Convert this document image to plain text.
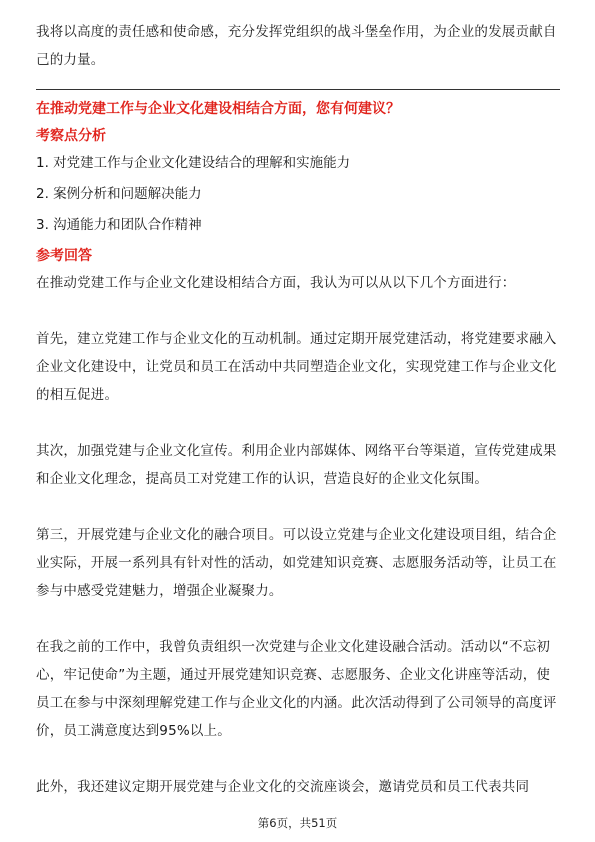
我将以高度的责任感和使命感，充分发挥党组织的战斗堡垒作用，为企业的发展贡献自己的力量。

在推动党建工作与企业文化建设相结合方面，您有何建议？

考察点分析

1. 对党建工作与企业文化建设结合的理解和实施能力
2. 案例分析和问题解决能力
3. 沟通能力和团队合作精神

参考回答

在推动党建工作与企业文化建设相结合方面，我认为可以从以下几个方面进行：

首先，建立党建工作与企业文化的互动机制。通过定期开展党建活动，将党建要求融入企业文化建设中，让党员和员工在活动中共同塑造企业文化，实现党建工作与企业文化的相互促进。

其次，加强党建与企业文化宣传。利用企业内部媒体、网络平台等渠道，宣传党建成果和企业文化理念，提高员工对党建工作的认识，营造良好的企业文化氛围。

第三，开展党建与企业文化的融合项目。可以设立党建与企业文化建设项目组，结合企业实际，开展一系列具有针对性的活动，如党建知识竞赛、志愿服务活动等，让员工在参与中感受党建魅力，增强企业凝聚力。

在我之前的工作中，我曾负责组织一次党建与企业文化建设融合活动。活动以“不忘初心，牢记使命”为主题，通过开展党建知识竞赛、志愿服务、企业文化讲座等活动，使员工在参与中深刻理解党建工作与企业文化的内涵。此次活动得到了公司领导的高度评价，员工满意度达到95%以上。

此外，我还建议定期开展党建与企业文化的交流座谈会，邀请党员和员工代表共同

第6页，共51页
